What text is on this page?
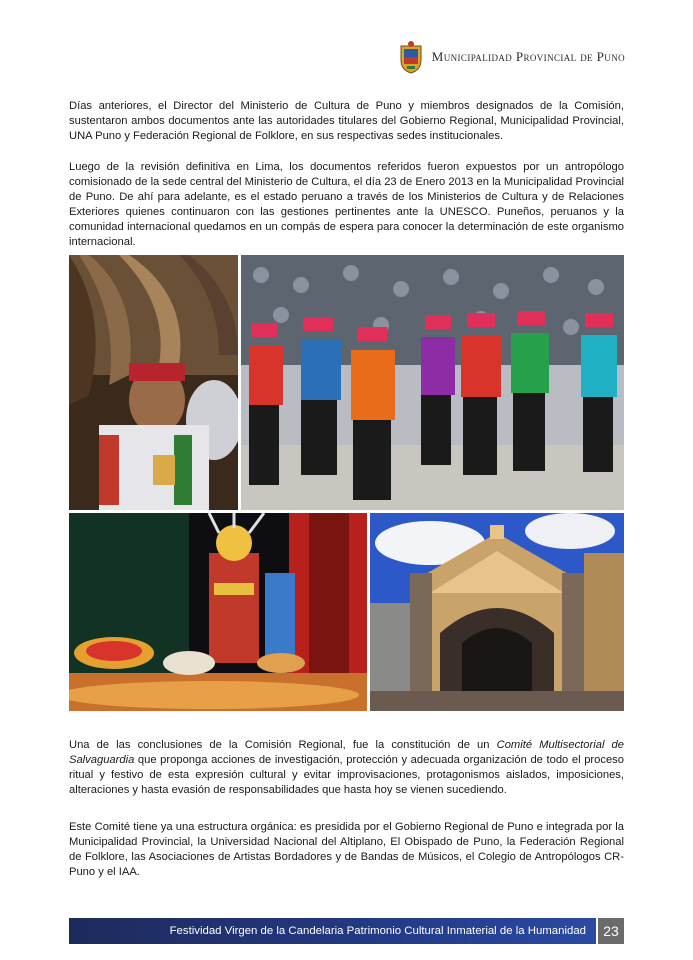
Municipalidad Provincial de Puno

Días anteriores, el Director del Ministerio de Cultura de Puno y miembros designados de la Comisión, sustentaron ambos documentos ante las autoridades titulares del Gobierno Regional, Municipalidad Provincial, UNA Puno y Federación Regional de Folklore, en sus respectivas sedes institucionales.

Luego de la revisión definitiva en Lima, los documentos referidos fueron expuestos por un antropólogo comisionado de la sede central del Ministerio de Cultura, el día 23 de Enero 2013 en la Municipalidad Provincial de Puno. De ahí para adelante, es el estado peruano a través de los Ministerios de Cultura y de Relaciones Exteriores quienes continuaron con las gestiones pertinentes ante la UNESCO. Puneños, peruanos y la comunidad internacional quedamos en un compás de espera para conocer la determinación de este organismo internacional.

Una de las conclusiones de la Comisión Regional, fue la constitución de un Comité Multisectorial de Salvaguardia que proponga acciones de investigación, protección y adecuada organización de todo el proceso ritual y festivo de esta expresión cultural y evitar improvisaciones, protagonismos aislados, imposiciones, alteraciones y hasta evasión de responsabilidades que hasta hoy se vienen sucediendo.

Este Comité tiene ya una estructura orgánica: es presidida por el Gobierno Regional de Puno e integrada por la Municipalidad Provincial, la Universidad Nacional del Altiplano, El Obispado de Puno, la Federación Regional de Folklore, las Asociaciones de Artistas Bordadores y de Bandas de Músicos, el Colegio de Antropólogos CR-Puno y el IAA.

Festividad Virgen de la Candelaria Patrimonio Cultural Inmaterial de la Humanidad	23
